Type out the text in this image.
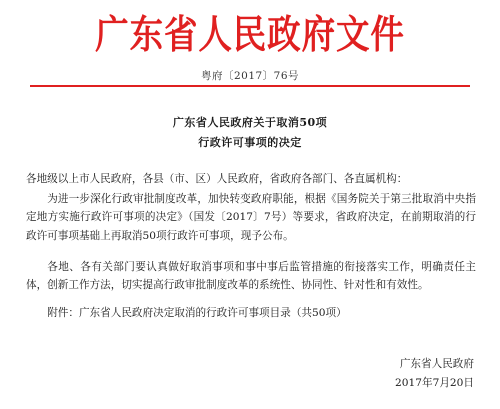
广东省人民政府文件
粤府〔2017〕76号
广东省人民政府关于取消50项
行政许可事项的决定
各地级以上市人民政府，各县（市、区）人民政府，省政府各部门、各直属机构：
为进一步深化行政审批制度改革，加快转变政府职能，根据《国务院关于第三批取消中央指定地方实施行政许可事项的决定》（国发〔2017〕7号）等要求，省政府决定，在前期取消的行政许可事项基础上再取消50项行政许可事项，现予公布。
各地、各有关部门要认真做好取消事项和事中事后监管措施的衔接落实工作，明确责任主体，创新工作方法，切实提高行政审批制度改革的系统性、协同性、针对性和有效性。
附件：广东省人民政府决定取消的行政许可事项目录（共50项）
广东省人民政府
2017年7月20日
